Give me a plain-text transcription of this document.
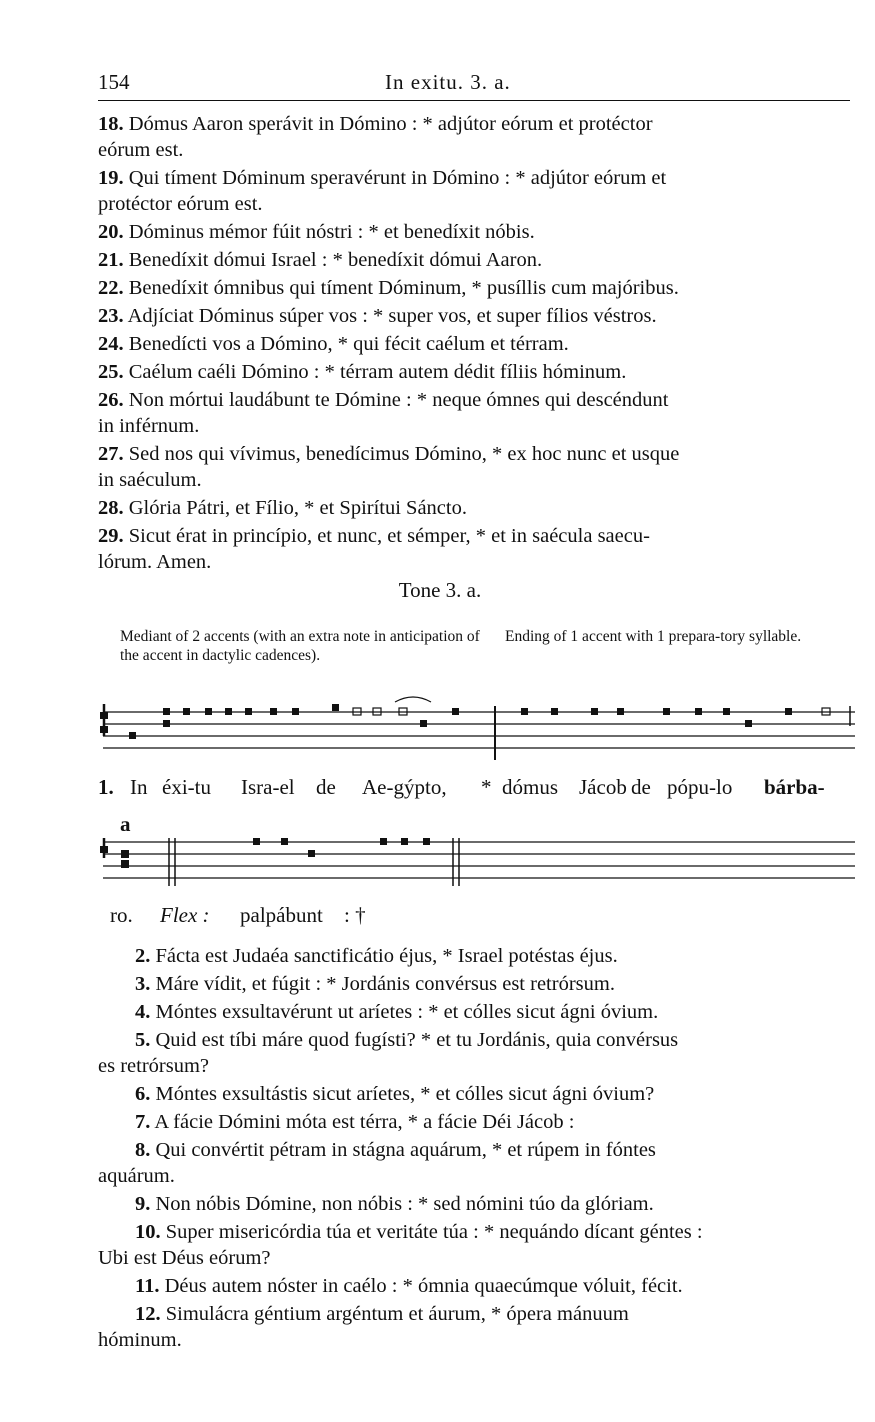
154	In exitu. 3. a.
18. Dómus Aaron sperávit in Dómino : * adjútor eórum et protéctor
eórum est.
19. Qui tíment Dóminum speravérunt in Dómino : * adjútor eórum et
protéctor eórum est.
20. Dóminus mémor fúit nóstri : * et benedíxit nóbis.
21. Benedíxit dómui Israel : * benedíxit dómui Aaron.
22. Benedíxit ómnibus qui tíment Dóminum, * pusíllis cum majóribus.
23. Adjíciat Dóminus súper vos : * super vos, et super fílios véstros.
24. Benedícti vos a Dómino, * qui fécit caélum et térram.
25. Caélum caéli Dómino : * térram autem dédit fíliis hóminum.
26. Non mórtui laudábunt te Dómine : * neque ómnes qui descéndunt
in inférnum.
27. Sed nos qui vívimus, benedícimus Dómino, * ex hoc nunc et usque
in saéculum.
28. Glória Pátri, et Fílio, * et Spirítui Sáncto.
29. Sicut érat in princípio, et nunc, et sémper, * et in saécula saecu-
lórum. Amen.
Tone 3. a.
Mediant of 2 accents (with an extra note in anticipation of the accent in dactylic cadences).
Ending of 1 accent with 1 prepara-tory syllable.
1. In éxi-tu Isra-el de Ae-gýpto, * dómus Jácob de pópu-lo bárba-
a
ro. Flex : palpábunt : †
2. Fácta est Judaéa sanctificátio éjus, * Israel potéstas éjus.
3. Máre vídit, et fúgit : * Jordánis convérsus est retrórsum.
4. Móntes exsultavérunt ut aríetes : * et cólles sicut ágni óvium.
5. Quid est tíbi máre quod fugísti? * et tu Jordánis, quia convérsus
es retrórsum?
6. Móntes exsultástis sicut aríetes, * et cólles sicut ágni óvium?
7. A fácie Dómini móta est térra, * a fácie Déi Jácob :
8. Qui convértit pétram in stágna aquárum, * et rúpem in fóntes
aquárum.
9. Non nóbis Dómine, non nóbis : * sed nómini túo da glóriam.
10. Super misericórdia túa et veritáte túa : * nequándo dícant géntes :
Ubi est Déus eórum?
11. Déus autem nóster in caélo : * ómnia quaecúmque vóluit, fécit.
12. Simulácra géntium argéntum et áurum, * ópera mánuum
hóminum.
